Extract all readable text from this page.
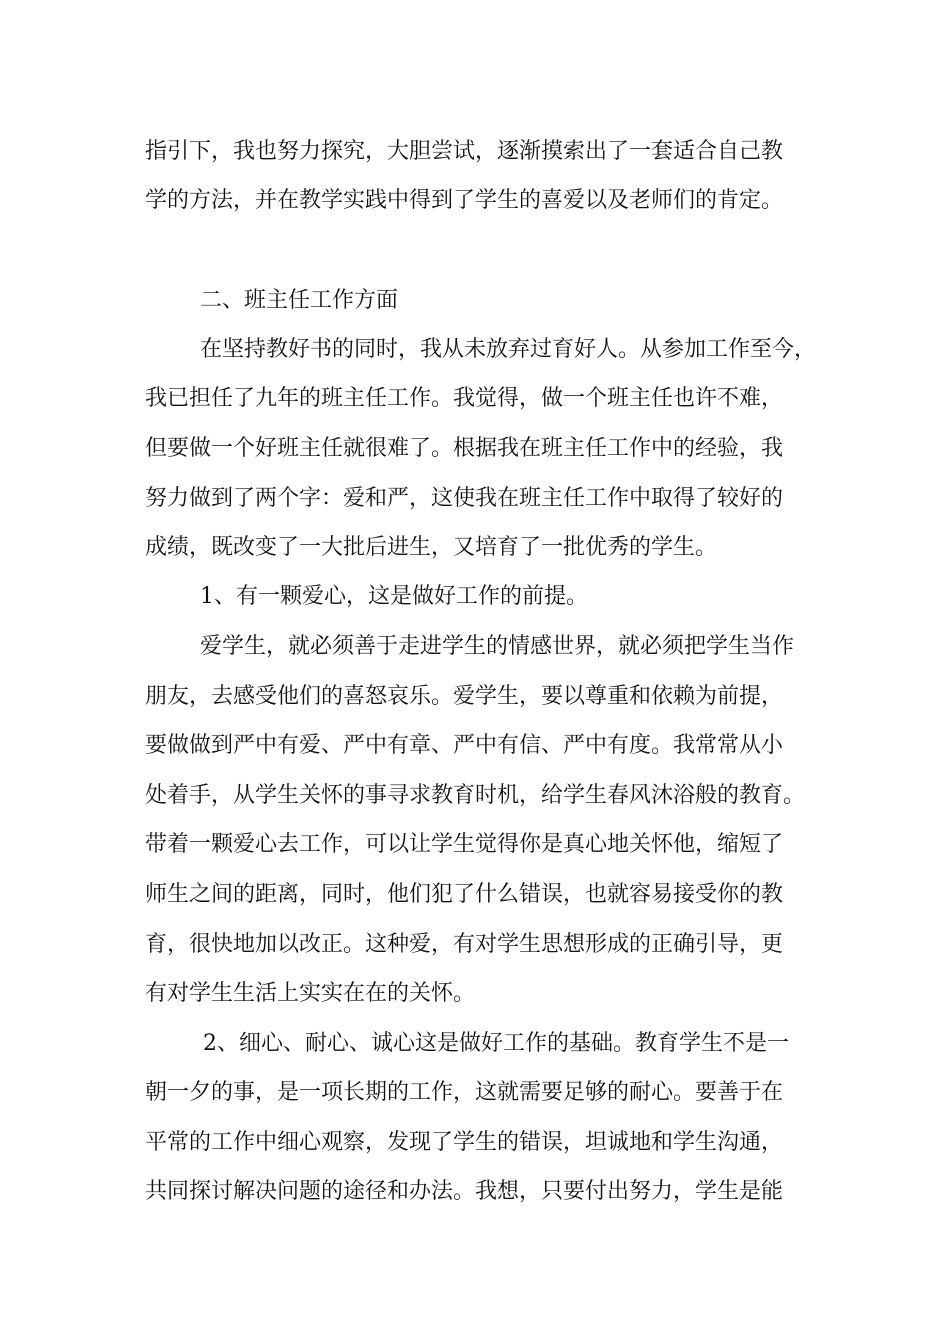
指引下，我也努力探究，大胆尝试，逐渐摸索出了一套适合自己教
学的方法，并在教学实践中得到了学生的喜爱以及老师们的肯定。
二、班主任工作方面
在坚持教好书的同时，我从未放弃过育好人。从参加工作至今，
我已担任了九年的班主任工作。我觉得，做一个班主任也许不难，
但要做一个好班主任就很难了。根据我在班主任工作中的经验，我
努力做到了两个字：爱和严，这使我在班主任工作中取得了较好的
成绩，既改变了一大批后进生，又培育了一批优秀的学生。
1、有一颗爱心，这是做好工作的前提。
爱学生，就必须善于走进学生的情感世界，就必须把学生当作
朋友，去感受他们的喜怒哀乐。爱学生，要以尊重和依赖为前提，
要做做到严中有爱、严中有章、严中有信、严中有度。我常常从小
处着手，从学生关怀的事寻求教育时机，给学生春风沐浴般的教育。
带着一颗爱心去工作，可以让学生觉得你是真心地关怀他，缩短了
师生之间的距离，同时，他们犯了什么错误，也就容易接受你的教
育，很快地加以改正。这种爱，有对学生思想形成的正确引导，更
有对学生生活上实实在在的关怀。
2、细心、耐心、诚心这是做好工作的基础。教育学生不是一
朝一夕的事，是一项长期的工作，这就需要足够的耐心。要善于在
平常的工作中细心观察，发现了学生的错误，坦诚地和学生沟通，
共同探讨解决问题的途径和办法。我想，只要付出努力，学生是能
